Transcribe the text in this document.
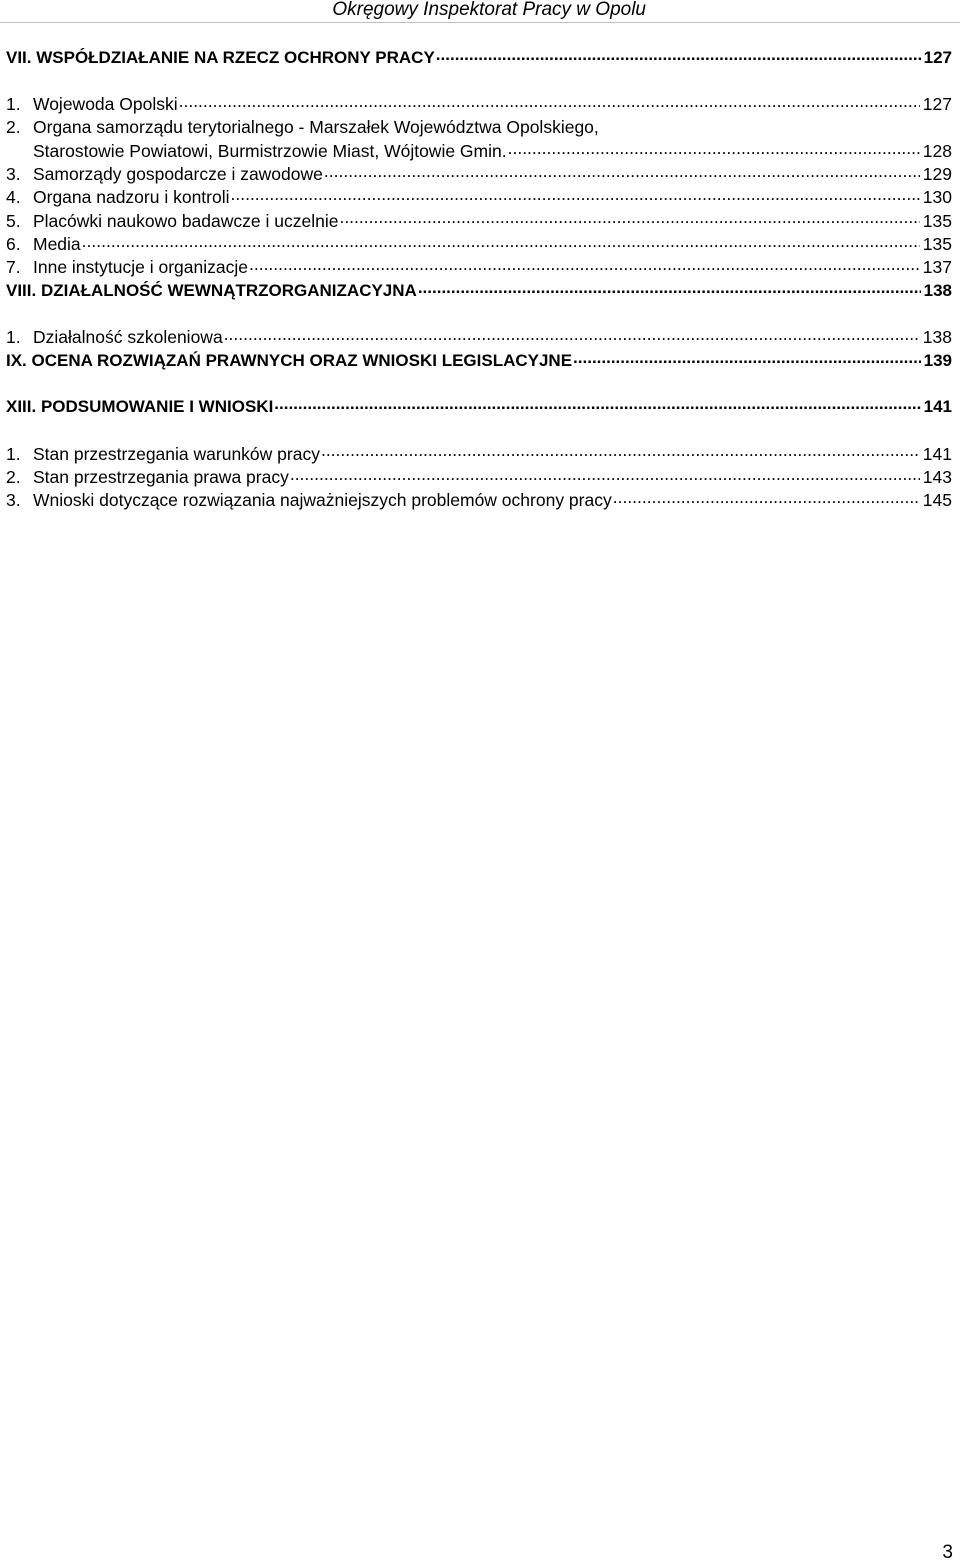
Okręgowy Inspektorat Pracy w Opolu
VII. WSPÓŁDZIAŁANIE NA RZECZ OCHRONY PRACY .....	127
1. Wojewoda Opolski .....	127
2. Organa samorządu terytorialnego - Marszałek Województwa Opolskiego,
Starostowie Powiatowi, Burmistrzowie Miast, Wójtowie Gmin. .....	128
3. Samorządy gospodarcze i zawodowe .....	129
4. Organa nadzoru i kontroli .....	130
5. Placówki naukowo badawcze i uczelnie .....	135
6. Media .....	135
7. Inne instytucje i organizacje .....	137
VIII. DZIAŁALNOŚĆ WEWNĄTRZORGANIZACYJNA .....	138
1. Działalność szkoleniowa .....	138
IX. OCENA ROZWIĄZAŃ PRAWNYCH ORAZ WNIOSKI LEGISLACYJNE .....	139
XIII. PODSUMOWANIE I WNIOSKI .....	141
1. Stan przestrzegania warunków pracy .....	141
2. Stan przestrzegania prawa pracy .....	143
3. Wnioski dotyczące rozwiązania najważniejszych problemów ochrony pracy .....	145
3
